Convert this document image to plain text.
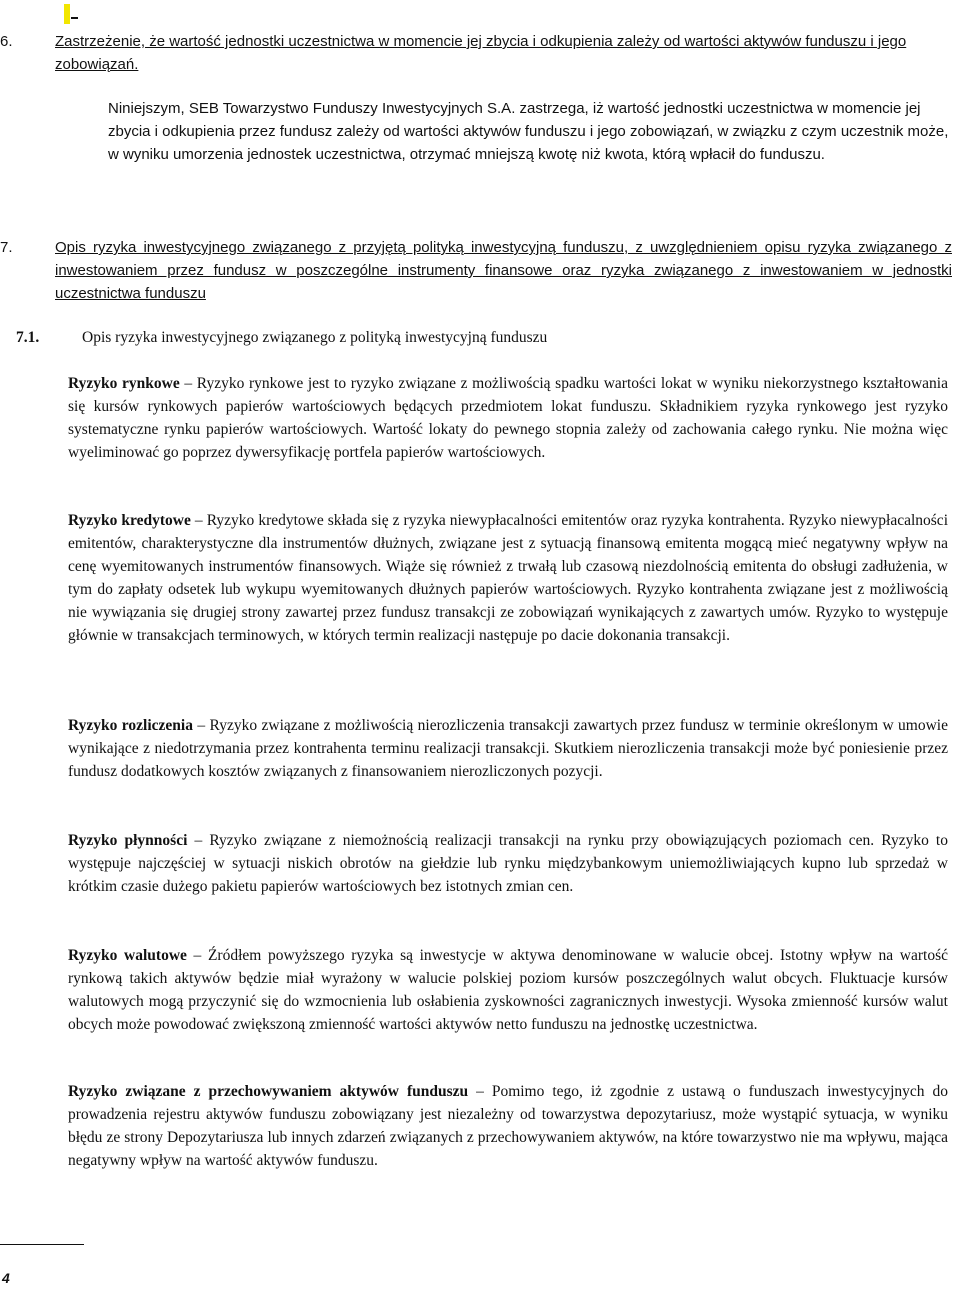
6.	Zastrzeżenie, że wartość jednostki uczestnictwa w momencie jej zbycia i odkupienia zależy od wartości aktywów funduszu i jego zobowiązań.
Niniejszym, SEB Towarzystwo Funduszy Inwestycyjnych S.A. zastrzega, iż wartość jednostki uczestnictwa w momencie jej zbycia i odkupienia przez fundusz zależy od wartości aktywów funduszu i jego zobowiązań, w związku z czym uczestnik może, w wyniku umorzenia jednostek uczestnictwa, otrzymać mniejszą kwotę niż kwota, którą wpłacił do funduszu.
7.	Opis ryzyka inwestycyjnego związanego z przyjętą polityką inwestycyjną funduszu, z uwzględnieniem opisu ryzyka związanego z inwestowaniem przez fundusz w poszczególne instrumenty finansowe oraz ryzyka związanego z inwestowaniem w jednostki uczestnictwa funduszu
7.1.	Opis ryzyka inwestycyjnego związanego z polityką inwestycyjną funduszu
Ryzyko rynkowe – Ryzyko rynkowe jest to ryzyko związane z możliwością spadku wartości lokat w wyniku niekorzystnego kształtowania się kursów rynkowych papierów wartościowych będących przedmiotem lokat funduszu. Składnikiem ryzyka rynkowego jest ryzyko systematyczne rynku papierów wartościowych. Wartość lokaty do pewnego stopnia zależy od zachowania całego rynku. Nie można więc wyeliminować go poprzez dywersyfikację portfela papierów wartościowych.
Ryzyko kredytowe – Ryzyko kredytowe składa się z ryzyka niewypłacalności emitentów oraz ryzyka kontrahenta. Ryzyko niewypłacalności emitentów, charakterystyczne dla instrumentów dłużnych, związane jest z sytuacją finansową emitenta mogącą mieć negatywny wpływ na cenę wyemitowanych instrumentów finansowych. Wiąże się również z trwałą lub czasową niezdolnością emitenta do obsługi zadłużenia, w tym do zapłaty odsetek lub wykupu wyemitowanych dłużnych papierów wartościowych. Ryzyko kontrahenta związane jest z możliwością nie wywiązania się drugiej strony zawartej przez fundusz transakcji ze zobowiązań wynikających z zawartych umów. Ryzyko to występuje głównie w transakcjach terminowych, w których termin realizacji następuje po dacie dokonania transakcji.
Ryzyko rozliczenia – Ryzyko związane z możliwością nierozliczenia transakcji zawartych przez fundusz w terminie określonym w umowie wynikające z niedotrzymania przez kontrahenta terminu realizacji transakcji. Skutkiem nierozliczenia transakcji może być poniesienie przez fundusz dodatkowych kosztów związanych z finansowaniem nierozliczonych pozycji.
Ryzyko płynności – Ryzyko związane z niemożnością realizacji transakcji na rynku przy obowiązujących poziomach cen. Ryzyko to występuje najczęściej w sytuacji niskich obrotów na giełdzie lub rynku międzybankowym uniemożliwiających kupno lub sprzedaż w krótkim czasie dużego pakietu papierów wartościowych bez istotnych zmian cen.
Ryzyko walutowe – Źródłem powyższego ryzyka są inwestycje w aktywa denominowane w walucie obcej. Istotny wpływ na wartość rynkową takich aktywów będzie miał wyrażony w walucie polskiej poziom kursów poszczególnych walut obcych. Fluktuacje kursów walutowych mogą przyczynić się do wzmocnienia lub osłabienia zyskowności zagranicznych inwestycji. Wysoka zmienność kursów walut obcych może powodować zwiększoną zmienność wartości aktywów netto funduszu na jednostkę uczestnictwa.
Ryzyko związane z przechowywaniem aktywów funduszu – Pomimo tego, iż zgodnie z ustawą o funduszach inwestycyjnych do prowadzenia rejestru aktywów funduszu zobowiązany jest niezależny od towarzystwa depozytariusz, może wystąpić sytuacja, w wyniku błędu ze strony Depozytariusza lub innych zdarzeń związanych z przechowywaniem aktywów, na które towarzystwo nie ma wpływu, mająca negatywny wpływ na wartość aktywów funduszu.
4
